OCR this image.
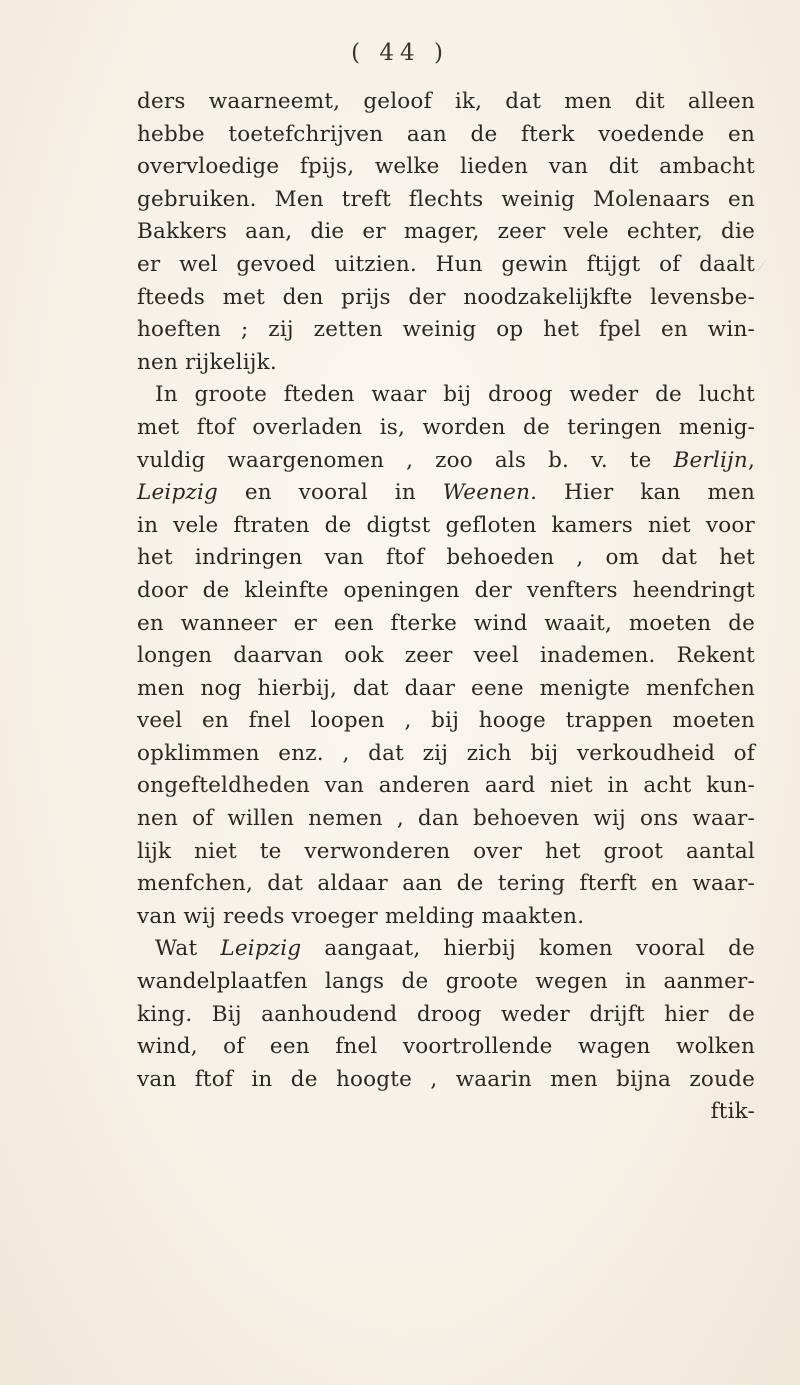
( 44 )
ders waarneemt, geloof ik, dat men dit alleen
hebbe toetefchrijven aan de fterk voedende en
overvloedige fpijs, welke lieden van dit ambacht
gebruiken. Men treft flechts weinig Molenaars en
Bakkers aan, die er mager, zeer vele echter, die
er wel gevoed uitzien. Hun gewin ftijgt of daalt
fteeds met den prijs der noodzakelijkfte levensbe-
hoeften ; zij zetten weinig op het fpel en win-
nen rijkelijk.
In groote fteden waar bij droog weder de lucht
met ftof overladen is, worden de teringen menig-
vuldig waargenomen , zoo als b. v. te Berlijn,
Leipzig en vooral in Weenen. Hier kan men
in vele ftraten de digtst gefloten kamers niet voor
het indringen van ftof behoeden , om dat het
door de kleinfte openingen der venfters heendringt
en wanneer er een fterke wind waait, moeten de
longen daarvan ook zeer veel inademen. Rekent
men nog hierbij, dat daar eene menigte menfchen
veel en fnel loopen , bij hooge trappen moeten
opklimmen enz. , dat zij zich bij verkoudheid of
ongefteldheden van anderen aard niet in acht kun-
nen of willen nemen , dan behoeven wij ons waar-
lijk niet te verwonderen over het groot aantal
menfchen, dat aldaar aan de tering fterft en waar-
van wij reeds vroeger melding maakten.
Wat Leipzig aangaat, hierbij komen vooral de
wandelplaatfen langs de groote wegen in aanmer-
king. Bij aanhoudend droog weder drijft hier de
wind, of een fnel voortrollende wagen wolken
van ftof in de hoogte , waarin men bijna zoude
ftik-
